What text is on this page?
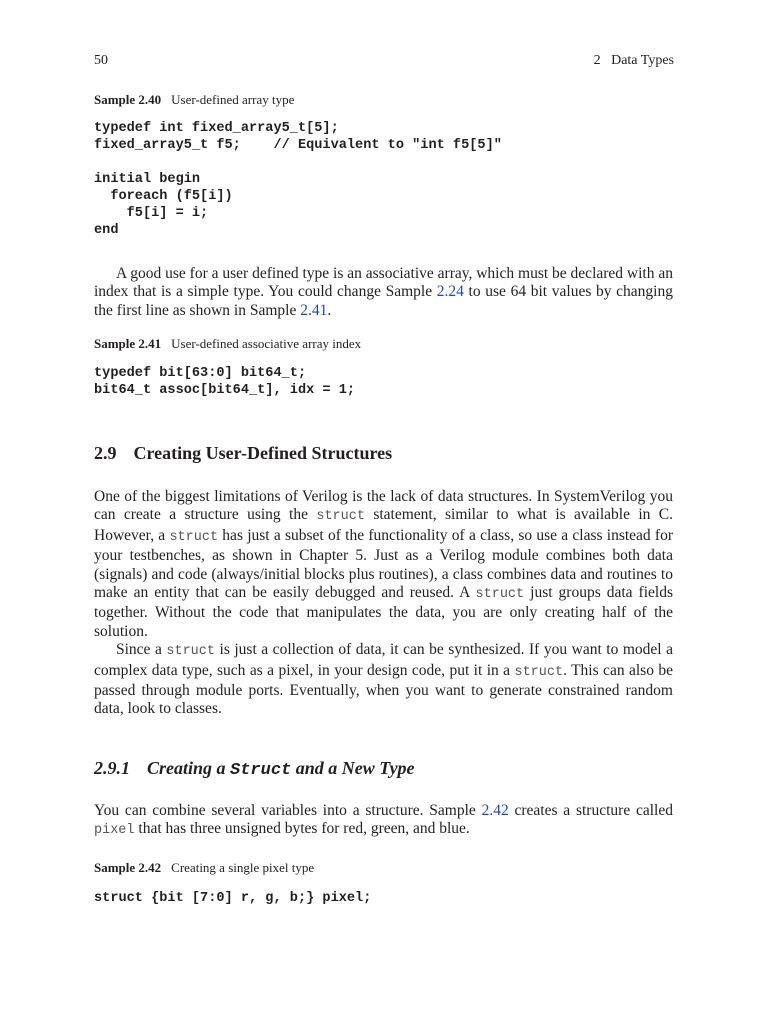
50	2   Data Types
Sample 2.40 User-defined array type
typedef int fixed_array5_t[5];
fixed_array5_t f5;    // Equivalent to "int f5[5]"

initial begin
foreach (f5[i])
f5[i] = i;
end

A good use for a user defined type is an associative array, which must be declared with an index that is a simple type. You could change Sample 2.24 to use 64 bit values by changing the first line as shown in Sample 2.41.

Sample 2.41 User-defined associative array index
typedef bit[63:0] bit64_t;
bit64_t assoc[bit64_t], idx = 1;
2.9 Creating User-Defined Structures

One of the biggest limitations of Verilog is the lack of data structures. In SystemVerilog you can create a structure using the struct statement, similar to what is available in C. However, a struct has just a subset of the functionality of a class, so use a class instead for your testbenches, as shown in Chapter 5. Just as a Verilog module combines both data (signals) and code (always/initial blocks plus routines), a class combines data and routines to make an entity that can be easily debugged and reused. A struct just groups data fields together. Without the code that manipulates the data, you are only creating half of the solution.

Since a struct is just a collection of data, it can be synthesized. If you want to model a complex data type, such as a pixel, in your design code, put it in a struct. This can also be passed through module ports. Eventually, when you want to generate constrained random data, look to classes.

2.9.1 Creating a Struct and a New Type

You can combine several variables into a structure. Sample 2.42 creates a structure called pixel that has three unsigned bytes for red, green, and blue.

Sample 2.42 Creating a single pixel type
struct {bit [7:0] r, g, b;} pixel;
